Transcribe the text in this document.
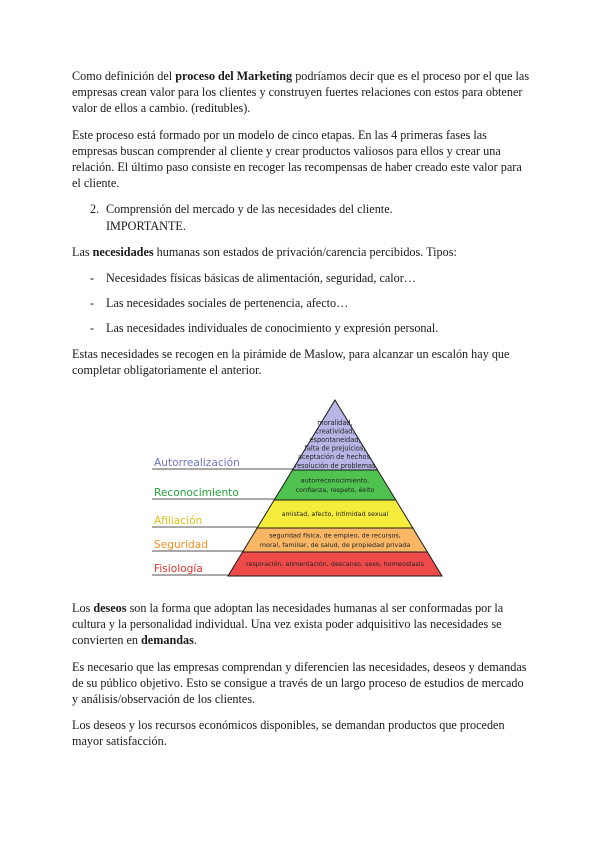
Como definición del proceso del Marketing podríamos decir que es el proceso por el que las empresas crean valor para los clientes y construyen fuertes relaciones con estos para obtener valor de ellos a cambio. (reditubles).

Este proceso está formado por un modelo de cinco etapas. En las 4 primeras fases las empresas buscan comprender al cliente y crear productos valiosos para ellos y crear una relación. El último paso consiste en recoger las recompensas de haber creado este valor para el cliente.

2. Comprensión del mercado y de las necesidades del cliente.
IMPORTANTE.

Las necesidades humanas son estados de privación/carencia percibidos. Tipos:

- Necesidades físicas básicas de alimentación, seguridad, calor…
- Las necesidades sociales de pertenencia, afecto…
- Las necesidades individuales de conocimiento y expresión personal.

Estas necesidades se recogen en la pirámide de Maslow, para alcanzar un escalón hay que completar obligatoriamente el anterior.

Los deseos son la forma que adoptan las necesidades humanas al ser conformadas por la cultura y la personalidad individual. Una vez exista poder adquisitivo las necesidades se convierten en demandas.

Es necesario que las empresas comprendan y diferencien las necesidades, deseos y demandas de su público objetivo. Esto se consigue a través de un largo proceso de estudios de mercado y análisis/observación de los clientes.

Los deseos y los recursos económicos disponibles, se demandan productos que proceden mayor satisfacción.

moralidad,
creatividad,
espontaneidad,
falta de prejuicios,
aceptación de hechos,
resolución de problemas
Autorrealización
autorreconocimiento,
confianza, respeto, éxito
Reconocimiento
amistad, afecto, intimidad sexual
Afiliación
seguridad física, de empleo, de recursos,
moral, familiar, de salud, de propiedad privada
Seguridad
respiración, alimentación, descanso, sexo, homeostasis
Fisiología
